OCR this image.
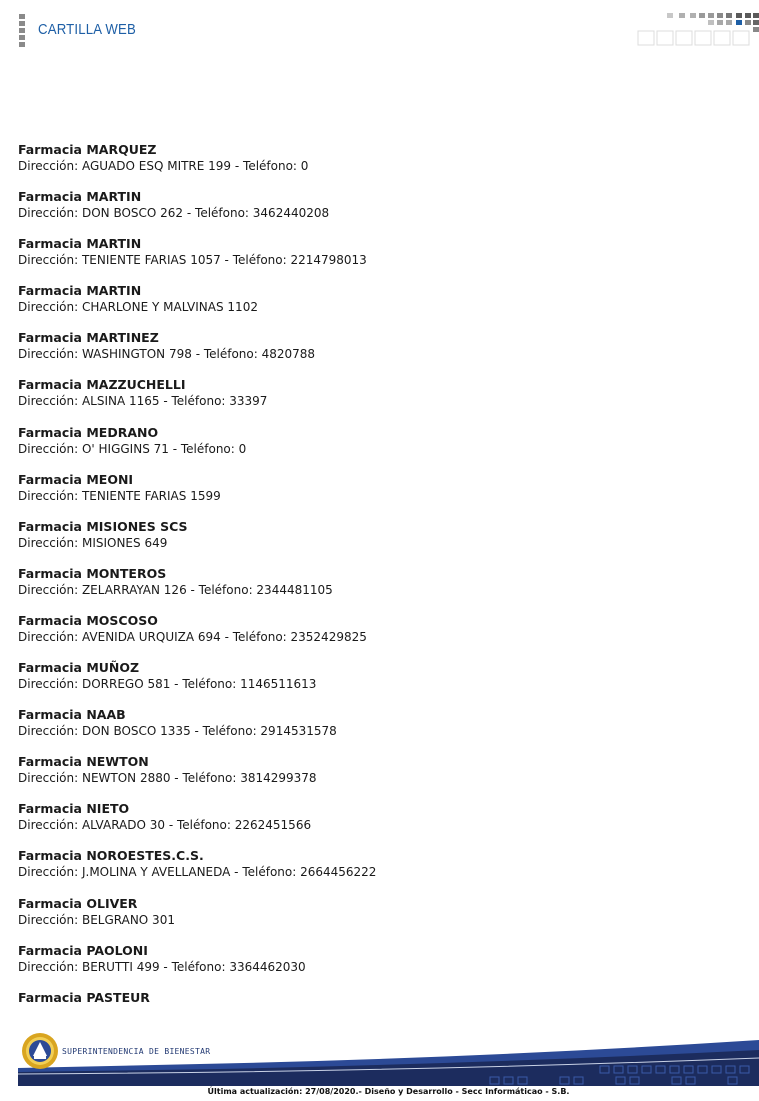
CARTILLA WEB
Farmacia MARQUEZ
Dirección: AGUADO ESQ MITRE 199 - Teléfono: 0
Farmacia MARTIN
Dirección: DON BOSCO 262 - Teléfono: 3462440208
Farmacia MARTIN
Dirección: TENIENTE FARIAS 1057 - Teléfono: 2214798013
Farmacia MARTIN
Dirección: CHARLONE Y MALVINAS 1102
Farmacia MARTINEZ
Dirección: WASHINGTON 798 - Teléfono: 4820788
Farmacia MAZZUCHELLI
Dirección: ALSINA 1165 - Teléfono: 33397
Farmacia MEDRANO
Dirección: O' HIGGINS 71 - Teléfono: 0
Farmacia MEONI
Dirección: TENIENTE FARIAS 1599
Farmacia MISIONES SCS
Dirección: MISIONES 649
Farmacia MONTEROS
Dirección: ZELARRAYAN 126 - Teléfono: 2344481105
Farmacia MOSCOSO
Dirección: AVENIDA URQUIZA 694 - Teléfono: 2352429825
Farmacia MUÑOZ
Dirección: DORREGO 581 - Teléfono: 1146511613
Farmacia NAAB
Dirección: DON BOSCO 1335 - Teléfono: 2914531578
Farmacia NEWTON
Dirección: NEWTON 2880 - Teléfono: 3814299378
Farmacia NIETO
Dirección: ALVARADO 30 - Teléfono: 2262451566
Farmacia NOROESTES.C.S.
Dirección: J.MOLINA Y AVELLANEDA - Teléfono: 2664456222
Farmacia OLIVER
Dirección: BELGRANO 301
Farmacia PAOLONI
Dirección: BERUTTI 499 - Teléfono: 3364462030
Farmacia PASTEUR
SUPERINTENDENCIA DE BIENESTAR
Última actualización: 27/08/2020.- Diseño y Desarrollo - Secc Informáticao - S.B.
